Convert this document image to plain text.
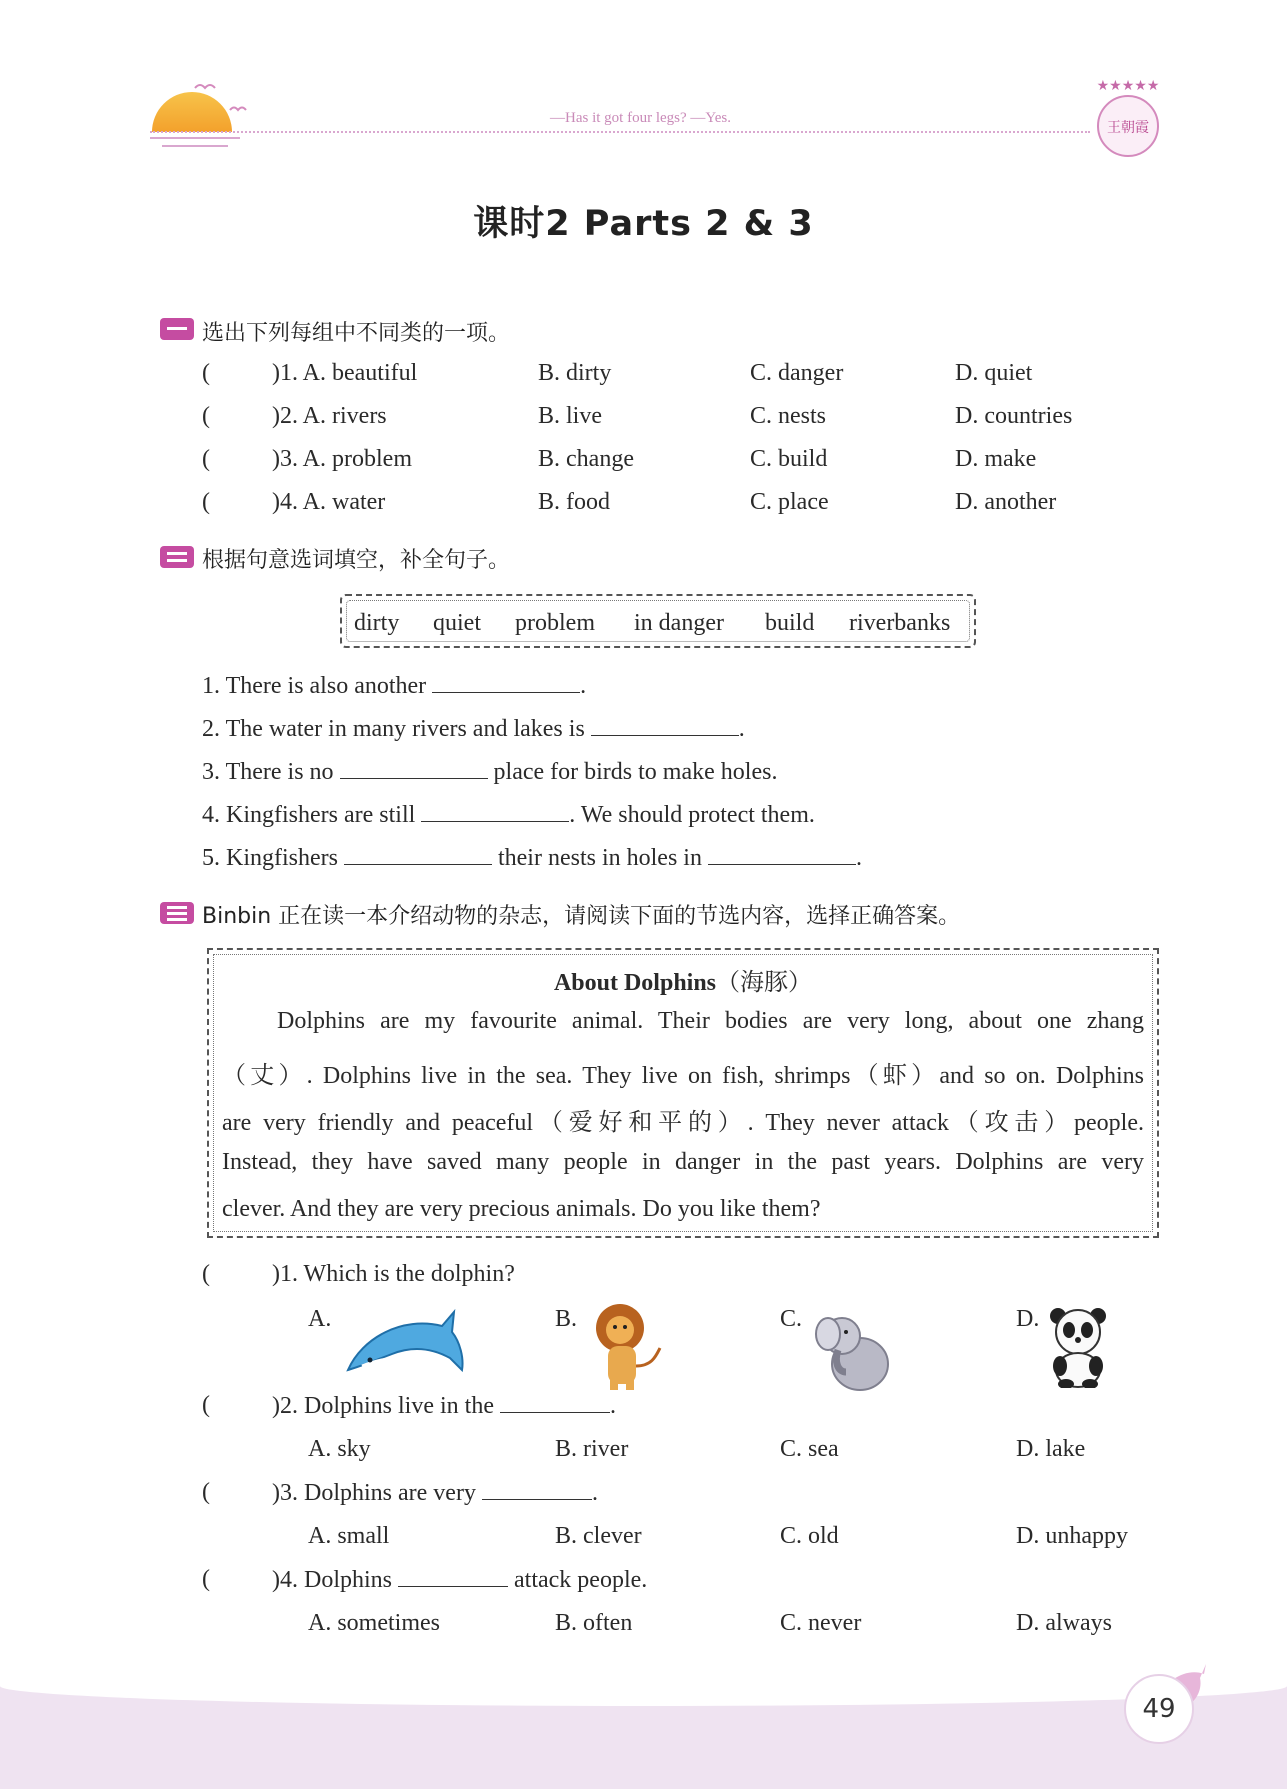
—Has it got four legs? —Yes.
★★★★★
王朝霞
课时2 Parts 2 & 3
选出下列每组中不同类的一项。
(	)1. A. beautiful	B. dirty	C. danger	D. quiet
(	)2. A. rivers	B. live	C. nests	D. countries
(	)3. A. problem	B. change	C. build	D. make
(	)4. A. water	B. food	C. place	D. another
根据句意选词填空，补全句子。
dirty quiet problem in danger build riverbanks
1. There is also another	.
2. The water in many rivers and lakes is	.
3. There is no	place for birds to make holes.
4. Kingfishers are still	. We should protect them.
5. Kingfishers	their nests in holes in	.
Binbin 正在读一本介绍动物的杂志，请阅读下面的节选内容，选择正确答案。
About Dolphins（海豚）
Dolphins are my favourite animal. Their bodies are very long, about one zhang
（丈）. Dolphins live in the sea. They live on fish, shrimps（虾）and so on. Dolphins
are very friendly and peaceful（爱好和平的）. They never attack（攻击）people.
Instead, they have saved many people in danger in the past years. Dolphins are very
clever. And they are very precious animals. Do you like them?
(	)1. Which is the dolphin?
A.	B.	C.	D.
(	)2. Dolphins live in the	.
A. sky	B. river	C. sea	D. lake
(	)3. Dolphins are very	.
A. small	B. clever	C. old	D. unhappy
(	)4. Dolphins	attack people.
A. sometimes	B. often	C. never	D. always
49
